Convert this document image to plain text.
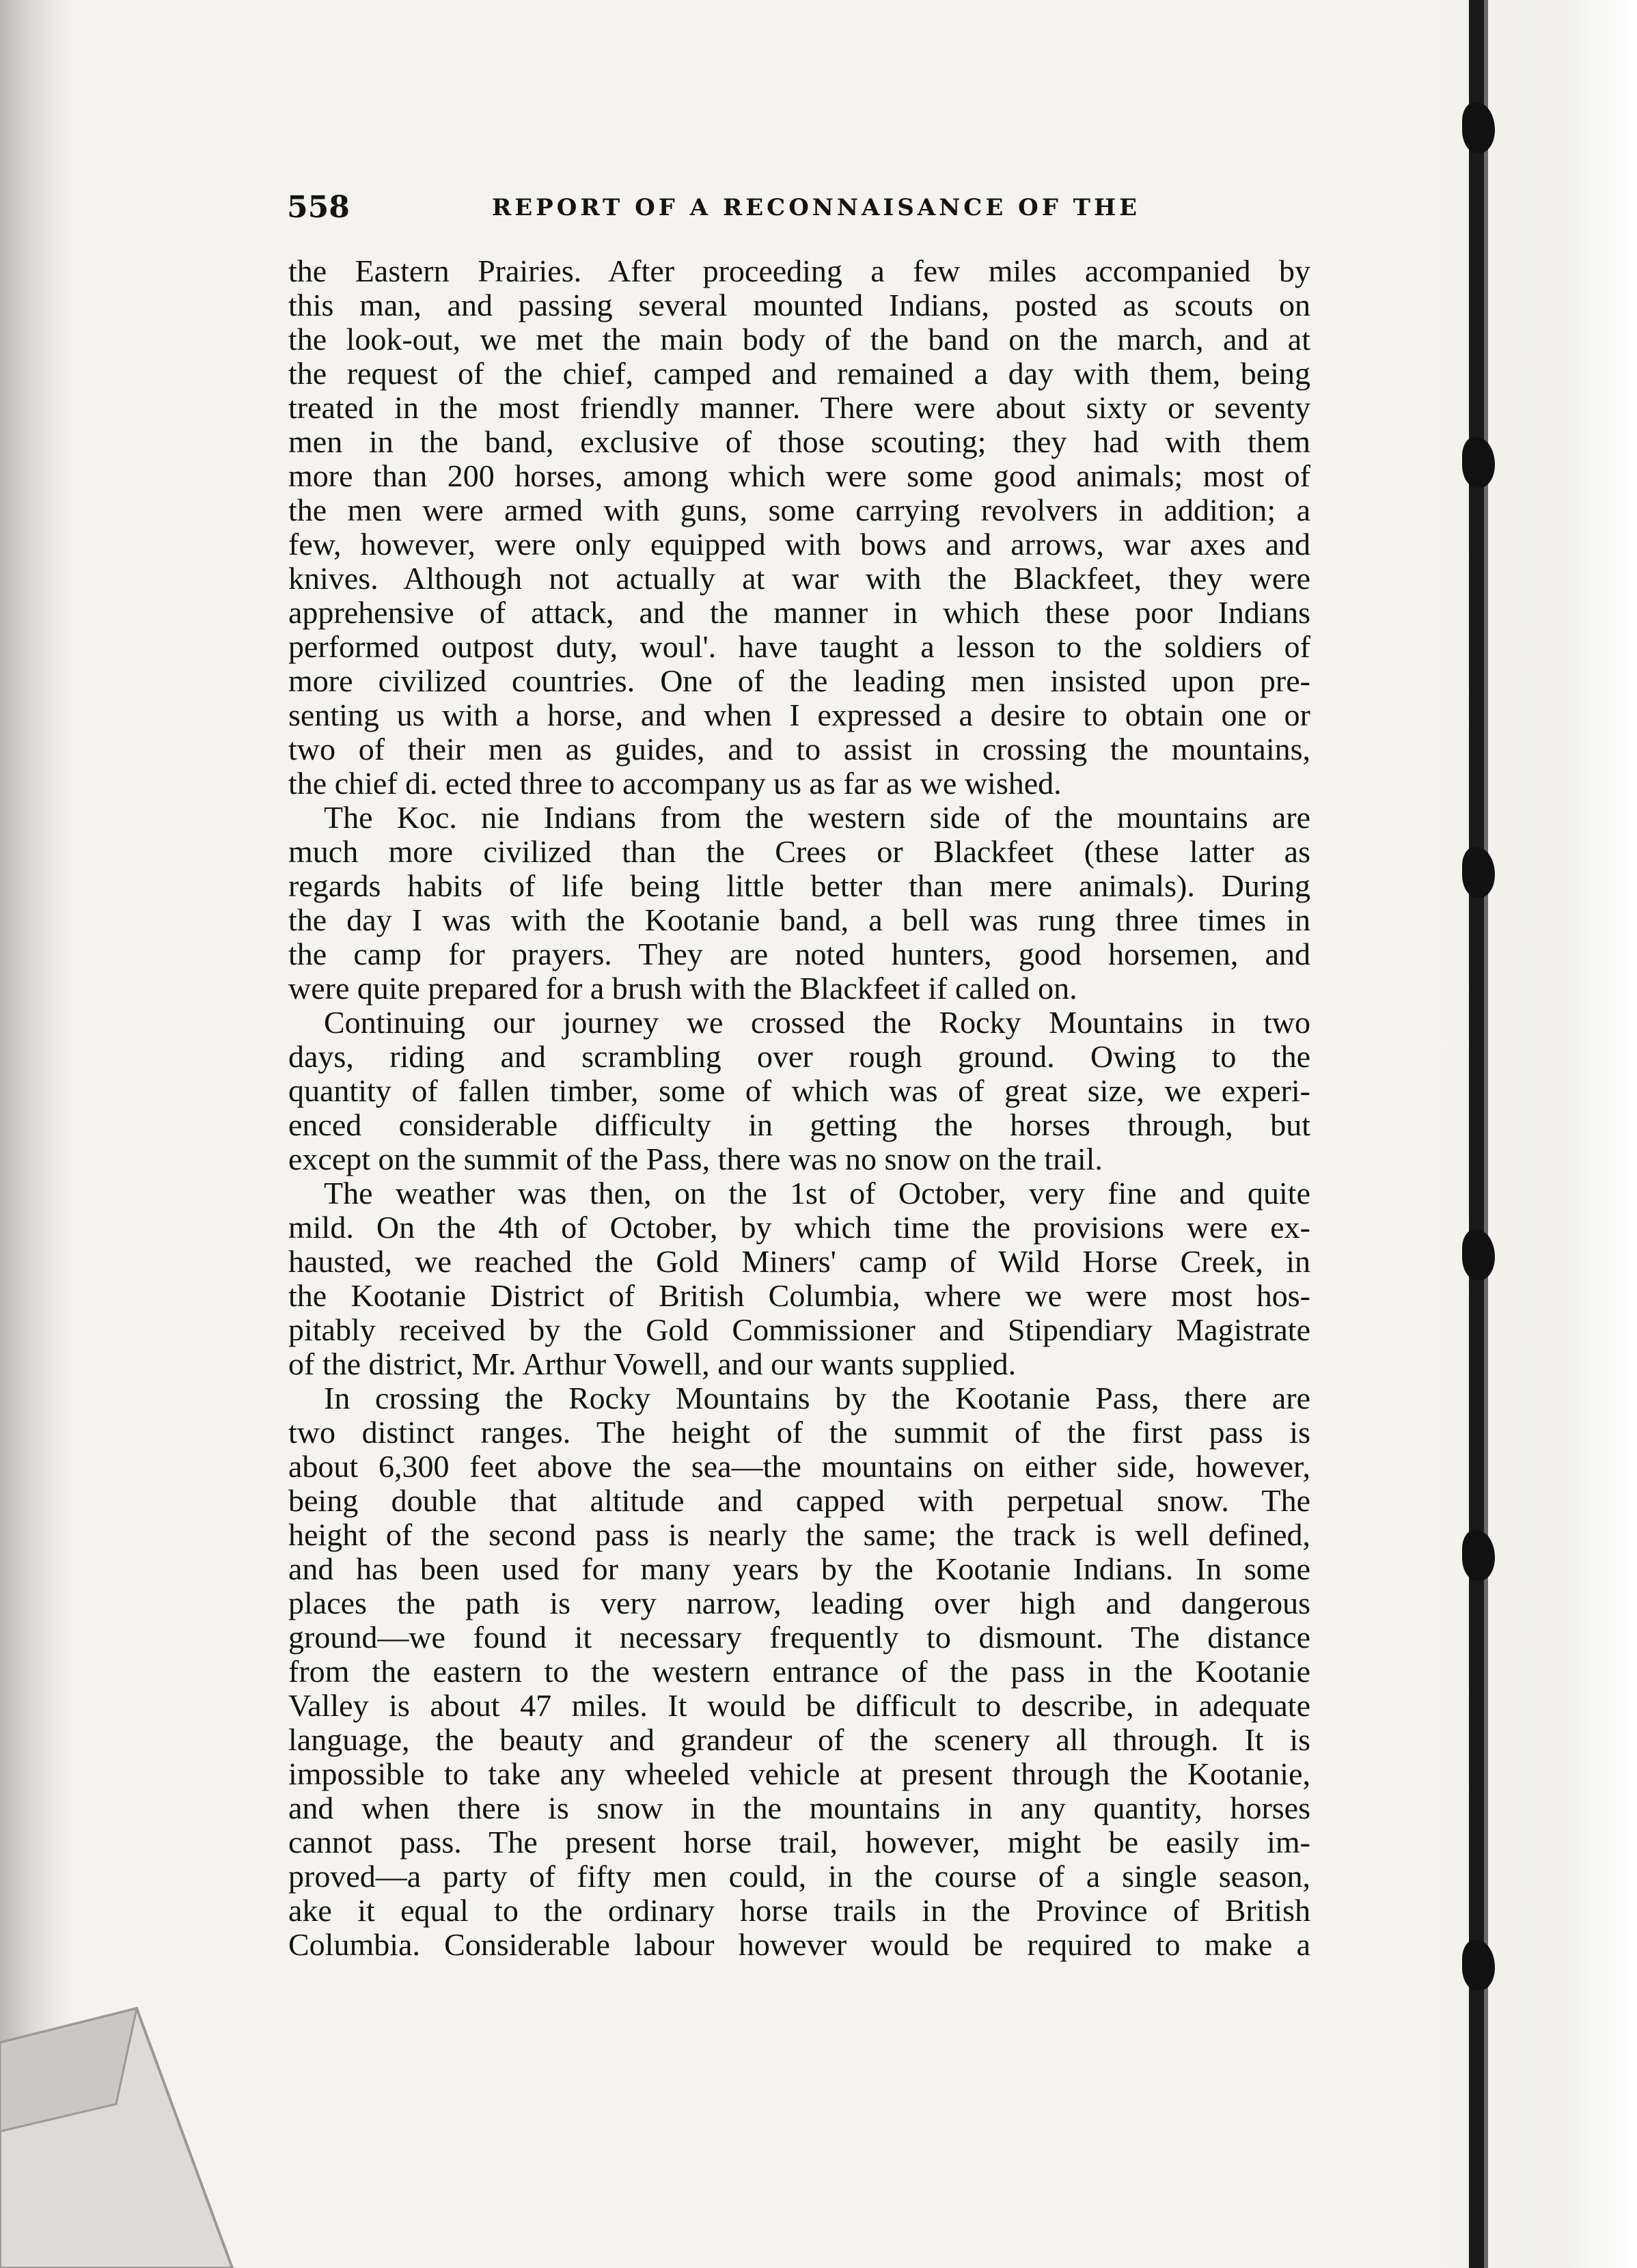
558	REPORT OF A RECONNAISANCE OF THE

the Eastern Prairies. After proceeding a few miles accompanied by
this man, and passing several mounted Indians, posted as scouts on
the look-out, we met the main body of the band on the march, and at
the request of the chief, camped and remained a day with them, being
treated in the most friendly manner. There were about sixty or seventy
men in the band, exclusive of those scouting; they had with them
more than 200 horses, among which were some good animals; most of
the men were armed with guns, some carrying revolvers in addition; a
few, however, were only equipped with bows and arrows, war axes and
knives. Although not actually at war with the Blackfeet, they were
apprehensive of attack, and the manner in which these poor Indians
performed outpost duty, woul'. have taught a lesson to the soldiers of
more civilized countries. One of the leading men insisted upon pre-
senting us with a horse, and when I expressed a desire to obtain one or
two of their men as guides, and to assist in crossing the mountains,
the chief di. ected three to accompany us as far as we wished.

The Koc. nie Indians from the western side of the mountains are
much more civilized than the Crees or Blackfeet (these latter as
regards habits of life being little better than mere animals). During
the day I was with the Kootanie band, a bell was rung three times in
the camp for prayers. They are noted hunters, good horsemen, and
were quite prepared for a brush with the Blackfeet if called on.

Continuing our journey we crossed the Rocky Mountains in two
days, riding and scrambling over rough ground. Owing to the
quantity of fallen timber, some of which was of great size, we experi-
enced considerable difficulty in getting the horses through, but
except on the summit of the Pass, there was no snow on the trail.

The weather was then, on the 1st of October, very fine and quite
mild. On the 4th of October, by which time the provisions were ex-
hausted, we reached the Gold Miners' camp of Wild Horse Creek, in
the Kootanie District of British Columbia, where we were most hos-
pitably received by the Gold Commissioner and Stipendiary Magistrate
of the district, Mr. Arthur Vowell, and our wants supplied.

In crossing the Rocky Mountains by the Kootanie Pass, there are
two distinct ranges. The height of the summit of the first pass is
about 6,300 feet above the sea—the mountains on either side, however,
being double that altitude and capped with perpetual snow. The
height of the second pass is nearly the same; the track is well defined,
and has been used for many years by the Kootanie Indians. In some
places the path is very narrow, leading over high and dangerous
ground—we found it necessary frequently to dismount. The distance
from the eastern to the western entrance of the pass in the Kootanie
Valley is about 47 miles. It would be difficult to describe, in adequate
language, the beauty and grandeur of the scenery all through. It is
impossible to take any wheeled vehicle at present through the Kootanie,
and when there is snow in the mountains in any quantity, horses
cannot pass. The present horse trail, however, might be easily im-
proved—a party of fifty men could, in the course of a single season,
ake it equal to the ordinary horse trails in the Province of British
Columbia. Considerable labour however would be required to make a
